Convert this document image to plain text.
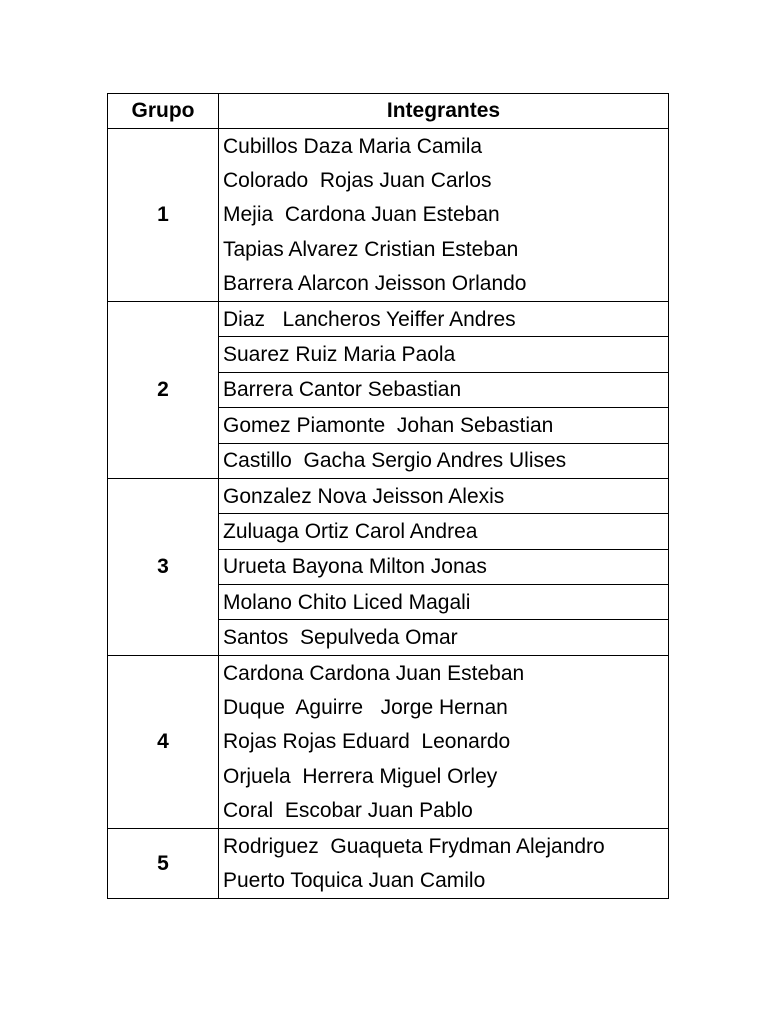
Grupo	Integrantes
1	Cubillos Daza Maria Camila
	Colorado  Rojas Juan Carlos
	Mejia  Cardona Juan Esteban
	Tapias Alvarez Cristian Esteban
	Barrera Alarcon Jeisson Orlando
2	Diaz   Lancheros Yeiffer Andres
	Suarez Ruiz Maria Paola
	Barrera Cantor Sebastian
	Gomez Piamonte  Johan Sebastian
	Castillo  Gacha Sergio Andres Ulises
3	Gonzalez Nova Jeisson Alexis
	Zuluaga Ortiz Carol Andrea
	Urueta Bayona Milton Jonas
	Molano Chito Liced Magali
	Santos  Sepulveda Omar
4	Cardona Cardona Juan Esteban
	Duque  Aguirre   Jorge Hernan
	Rojas Rojas Eduard  Leonardo
	Orjuela  Herrera Miguel Orley
	Coral  Escobar Juan Pablo
5	Rodriguez  Guaqueta Frydman Alejandro
	Puerto Toquica Juan Camilo
